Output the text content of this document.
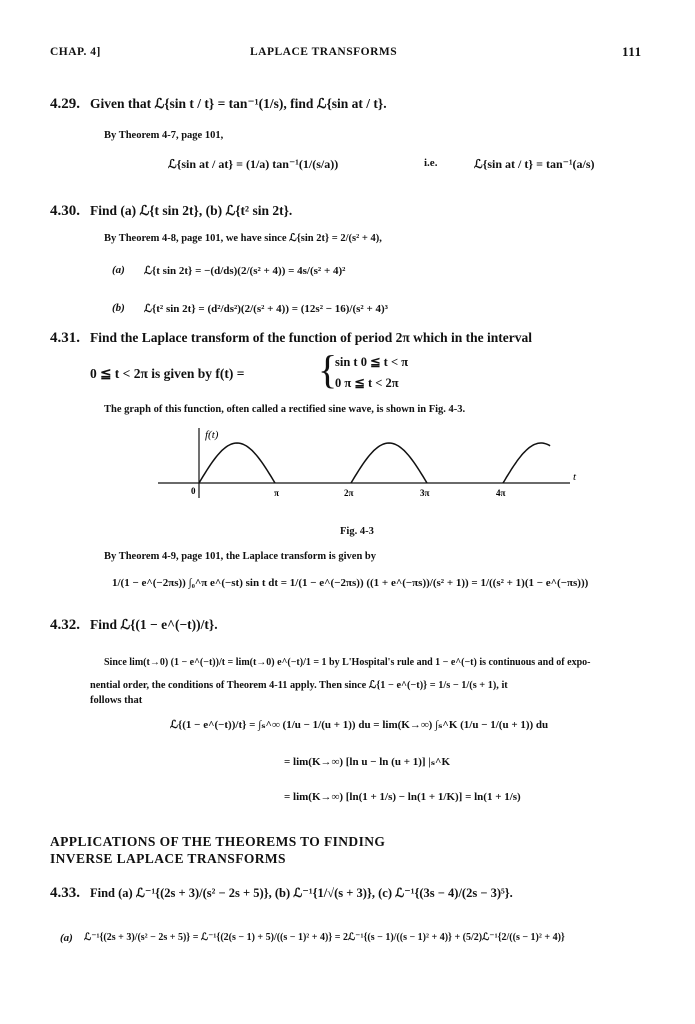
CHAP. 4]	LAPLACE TRANSFORMS	111
4.29. Given that ℒ{sin t / t} = tan⁻¹(1/s), find ℒ{sin at / t}.
By Theorem 4-7, page 101,
ℒ{sin at / at} = (1/a) tan⁻¹(1/(s/a))	i.e.	ℒ{sin at / t} = tan⁻¹(a/s)
4.30. Find (a) ℒ{t sin 2t}, (b) ℒ{t² sin 2t}.
By Theorem 4-8, page 101, we have since ℒ{sin 2t} = 2/(s² + 4),
(a) ℒ{t sin 2t} = −(d/ds)(2/(s² + 4)) = 4s/(s² + 4)²
(b) ℒ{t² sin 2t} = (d²/ds²)(2/(s² + 4)) = (12s² − 16)/(s² + 4)³
4.31. Find the Laplace transform of the function of period 2π which in the interval
0 ≦ t < 2π is given by f(t) = {
sin t 0 ≦ t < π
0 π ≦ t < 2π
The graph of this function, often called a rectified sine wave, is shown in Fig. 4-3.
f(t)
t
0	π	2π	3π	4π
Fig. 4-3
By Theorem 4-9, page 101, the Laplace transform is given by
1/(1 − e^(−2πs)) ∫₀^π e^(−st) sin t dt = 1/(1 − e^(−2πs)) ((1 + e^(−πs))/(s² + 1)) = 1/((s² + 1)(1 − e^(−πs)))
4.32. Find ℒ{(1 − e^(−t))/t}.
Since lim(t→0) (1 − e^(−t))/t = lim(t→0) e^(−t)/1 = 1 by L'Hospital's rule and 1 − e^(−t) is continuous and of expo-
nential order, the conditions of Theorem 4-11 apply. Then since ℒ{1 − e^(−t)} = 1/s − 1/(s + 1), it
follows that
ℒ{(1 − e^(−t))/t} = ∫ₛ^∞ (1/u − 1/(u + 1)) du = lim(K→∞) ∫ₛ^K (1/u − 1/(u + 1)) du
= lim(K→∞) [ln u − ln (u + 1)] |ₛ^K
= lim(K→∞) [ln(1 + 1/s) − ln(1 + 1/K)] = ln(1 + 1/s)
APPLICATIONS OF THE THEOREMS TO FINDING
INVERSE LAPLACE TRANSFORMS
4.33. Find (a) ℒ⁻¹{(2s + 3)/(s² − 2s + 5)}, (b) ℒ⁻¹{1/√(s + 3)}, (c) ℒ⁻¹{(3s − 4)/(2s − 3)⁵}.
(a) ℒ⁻¹{(2s + 3)/(s² − 2s + 5)} = ℒ⁻¹{(2(s − 1) + 5)/((s − 1)² + 4)} = 2ℒ⁻¹{(s − 1)/((s − 1)² + 4)} + (5/2)ℒ⁻¹{2/((s − 1)² + 4)}
